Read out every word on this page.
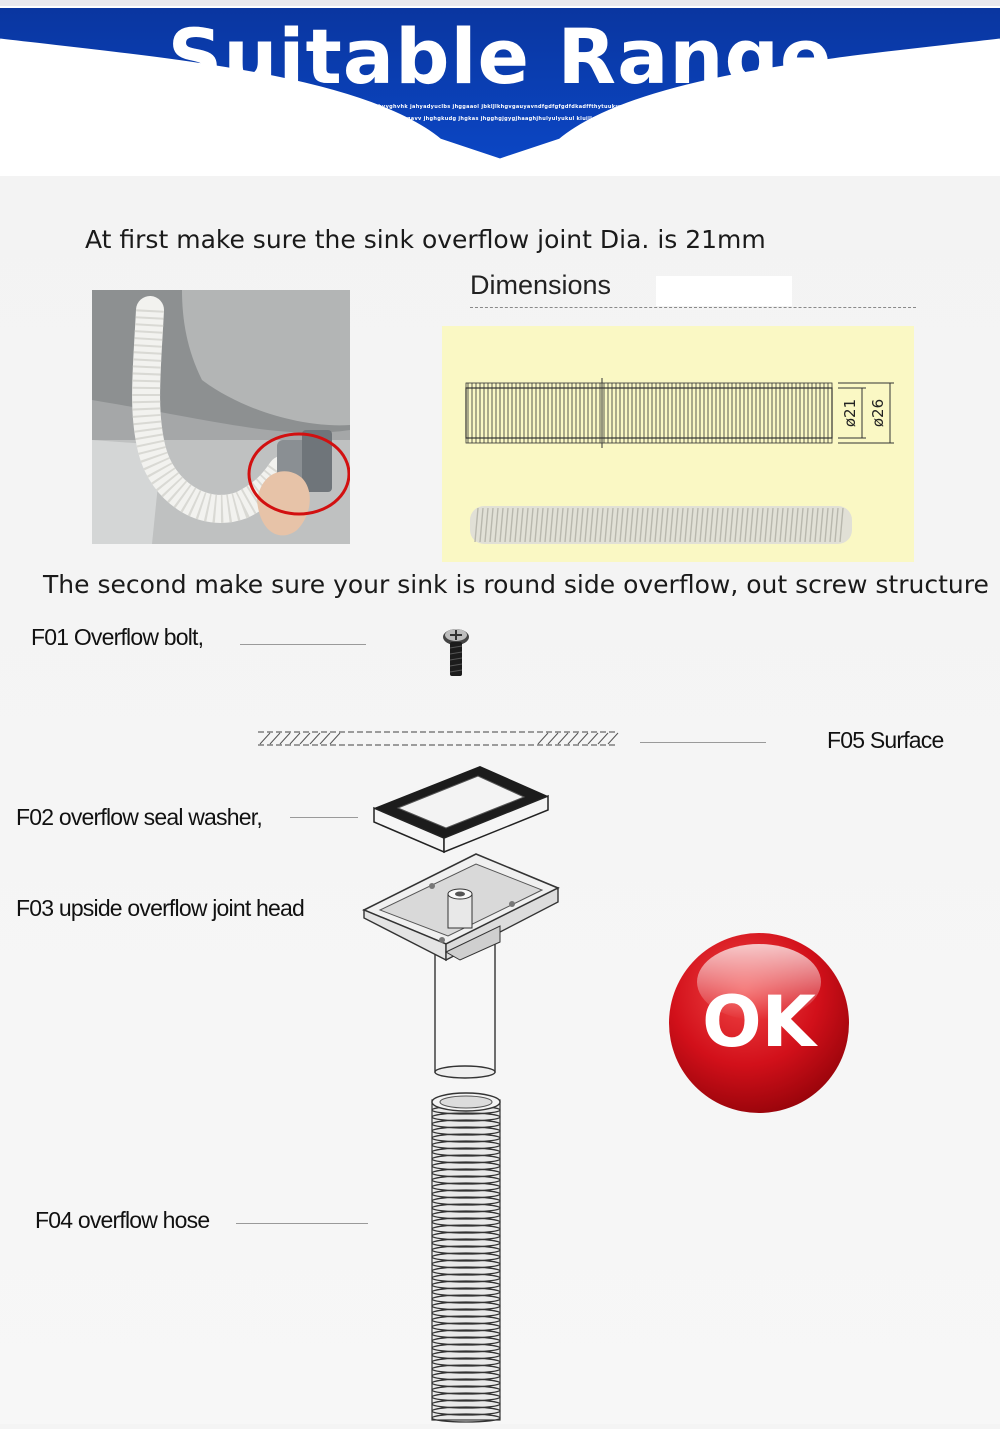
Suitable Range
aahgyhabhyyghvhk jahyadyuclbs jhggaaol jbklJlkhgvgauyavndfgdfgfgdfdkadffthytuukuylluluyhhjj
abahguygavv jhghgkudg jhgkas jhgghgjgygjhaaghjhulyulyukul kluillopio:l:oa
At first make sure the sink overflow joint Dia. is 21mm
Dimensions
ø21 ø26
The second make sure your sink is round side overflow, out screw structure
F01 Overflow bolt,
F05 Surface
F02 overflow seal washer,
F03 upside overflow joint head
OK
F04 overflow hose
